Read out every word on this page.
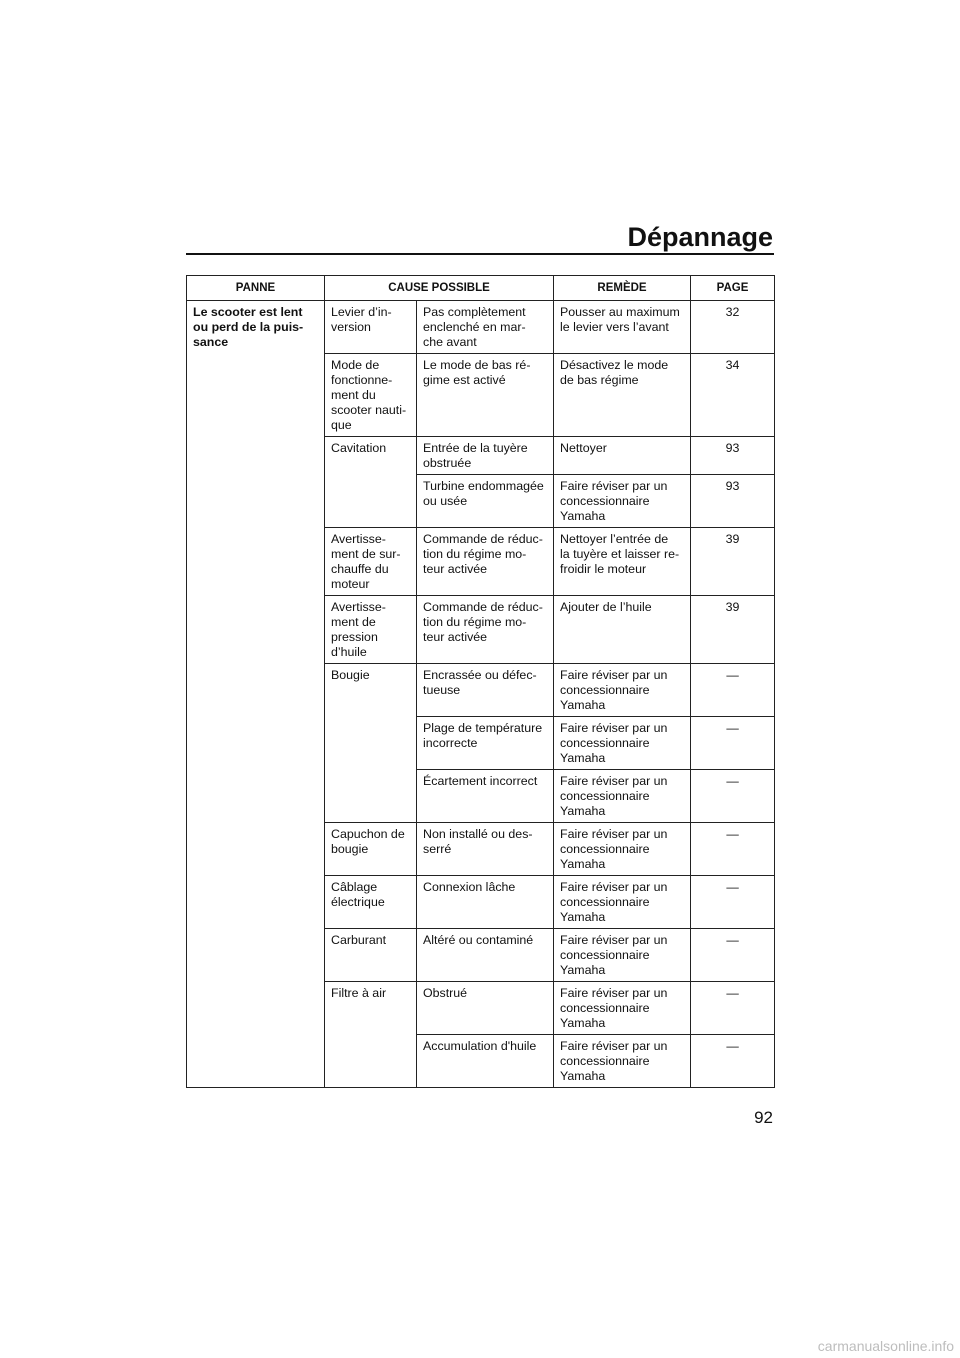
Dépannage
PANNE	CAUSE POSSIBLE		REMÈDE	PAGE
Le scooter est lent
ou perd de la puis-
sance	Levier d’in-
version	Pas complètement
enclenché en mar-
che avant	Pousser au maximum
le levier vers l’avant	32
	Mode de
fonctionne-
ment du
scooter nauti-
que	Le mode de bas ré-
gime est activé	Désactivez le mode
de bas régime	34
	Cavitation	Entrée de la tuyère
obstruée	Nettoyer	93
		Turbine endommagée
ou usée	Faire réviser par un
concessionnaire
Yamaha	93
	Avertisse-
ment de sur-
chauffe du
moteur	Commande de réduc-
tion du régime mo-
teur activée	Nettoyer l’entrée de
la tuyère et laisser re-
froidir le moteur	39
	Avertisse-
ment de
pression
d’huile	Commande de réduc-
tion du régime mo-
teur activée	Ajouter de l’huile	39
	Bougie	Encrassée ou défec-
tueuse	Faire réviser par un
concessionnaire
Yamaha	—
		Plage de température
incorrecte	Faire réviser par un
concessionnaire
Yamaha	—
		Écartement incorrect	Faire réviser par un
concessionnaire
Yamaha	—
	Capuchon de
bougie	Non installé ou des-
serré	Faire réviser par un
concessionnaire
Yamaha	—
	Câblage
électrique	Connexion lâche	Faire réviser par un
concessionnaire
Yamaha	—
	Carburant	Altéré ou contaminé	Faire réviser par un
concessionnaire
Yamaha	—
	Filtre à air	Obstrué	Faire réviser par un
concessionnaire
Yamaha	—
		Accumulation d'huile	Faire réviser par un
concessionnaire
Yamaha	—
92
carmanualsonline.info
